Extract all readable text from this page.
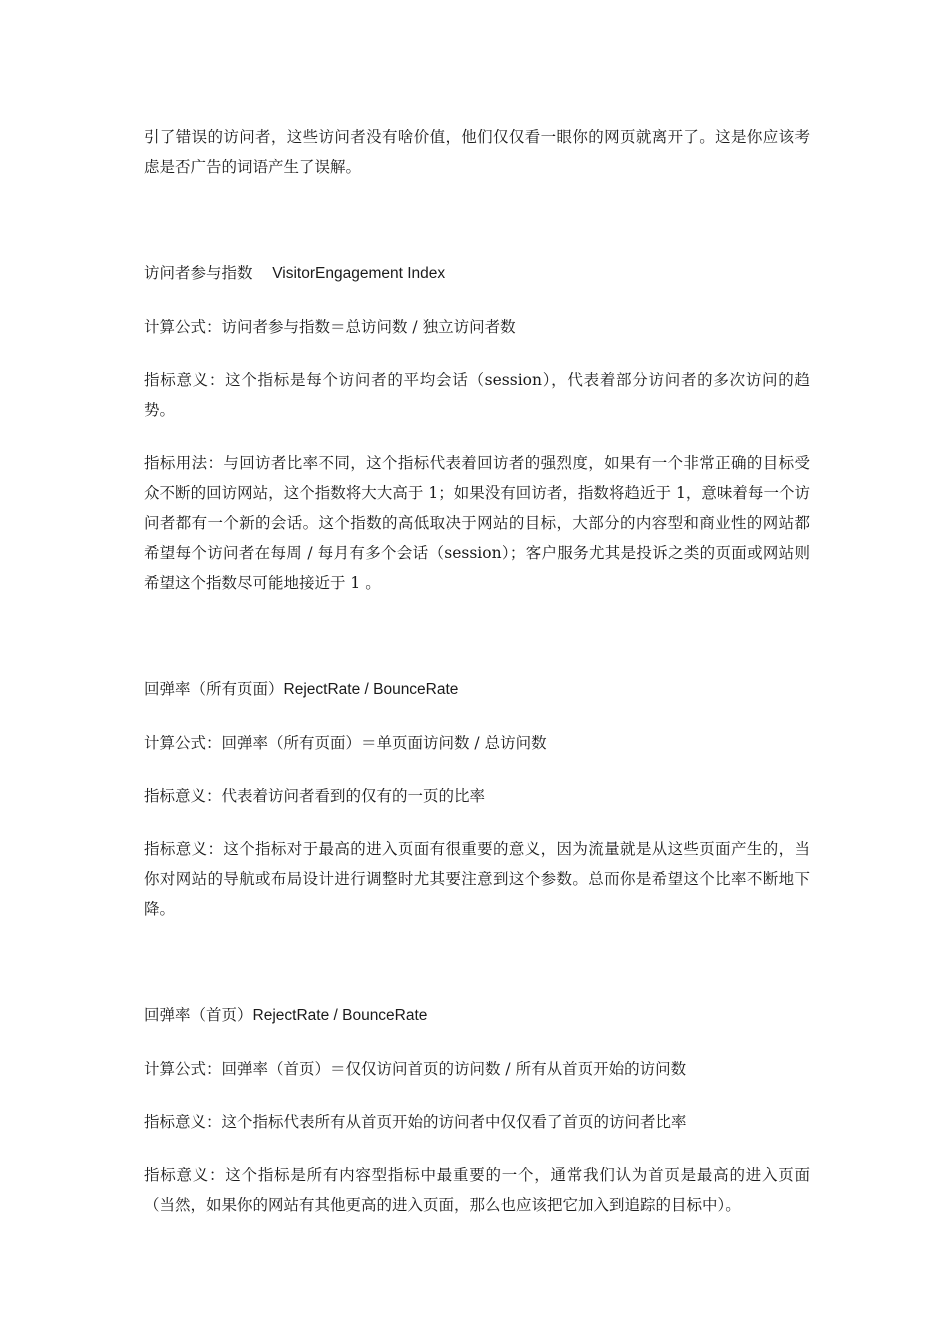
引了错误的访问者，这些访问者没有啥价值，他们仅仅看一眼你的网页就离开了。这是你应该考虑是否广告的词语产生了误解。

访问者参与指数 VisitorEngagement Index

计算公式：访问者参与指数＝总访问数 / 独立访问者数

指标意义：这个指标是每个访问者的平均会话（session），代表着部分访问者的多次访问的趋势。

指标用法：与回访者比率不同，这个指标代表着回访者的强烈度，如果有一个非常正确的目标受众不断的回访网站，这个指数将大大高于 1；如果没有回访者，指数将趋近于 1，意味着每一个访问者都有一个新的会话。这个指数的高低取决于网站的目标，大部分的内容型和商业性的网站都希望每个访问者在每周 / 每月有多个会话（session）；客户服务尤其是投诉之类的页面或网站则希望这个指数尽可能地接近于 1 。

回弹率（所有页面）RejectRate / BounceRate

计算公式：回弹率（所有页面）＝单页面访问数 / 总访问数

指标意义：代表着访问者看到的仅有的一页的比率

指标意义：这个指标对于最高的进入页面有很重要的意义，因为流量就是从这些页面产生的，当你对网站的导航或布局设计进行调整时尤其要注意到这个参数。总而你是希望这个比率不断地下降。

回弹率（首页）RejectRate / BounceRate

计算公式：回弹率（首页）＝仅仅访问首页的访问数 / 所有从首页开始的访问数

指标意义：这个指标代表所有从首页开始的访问者中仅仅看了首页的访问者比率

指标意义：这个指标是所有内容型指标中最重要的一个，通常我们认为首页是最高的进入页面（当然，如果你的网站有其他更高的进入页面，那么也应该把它加入到追踪的目标中）。
